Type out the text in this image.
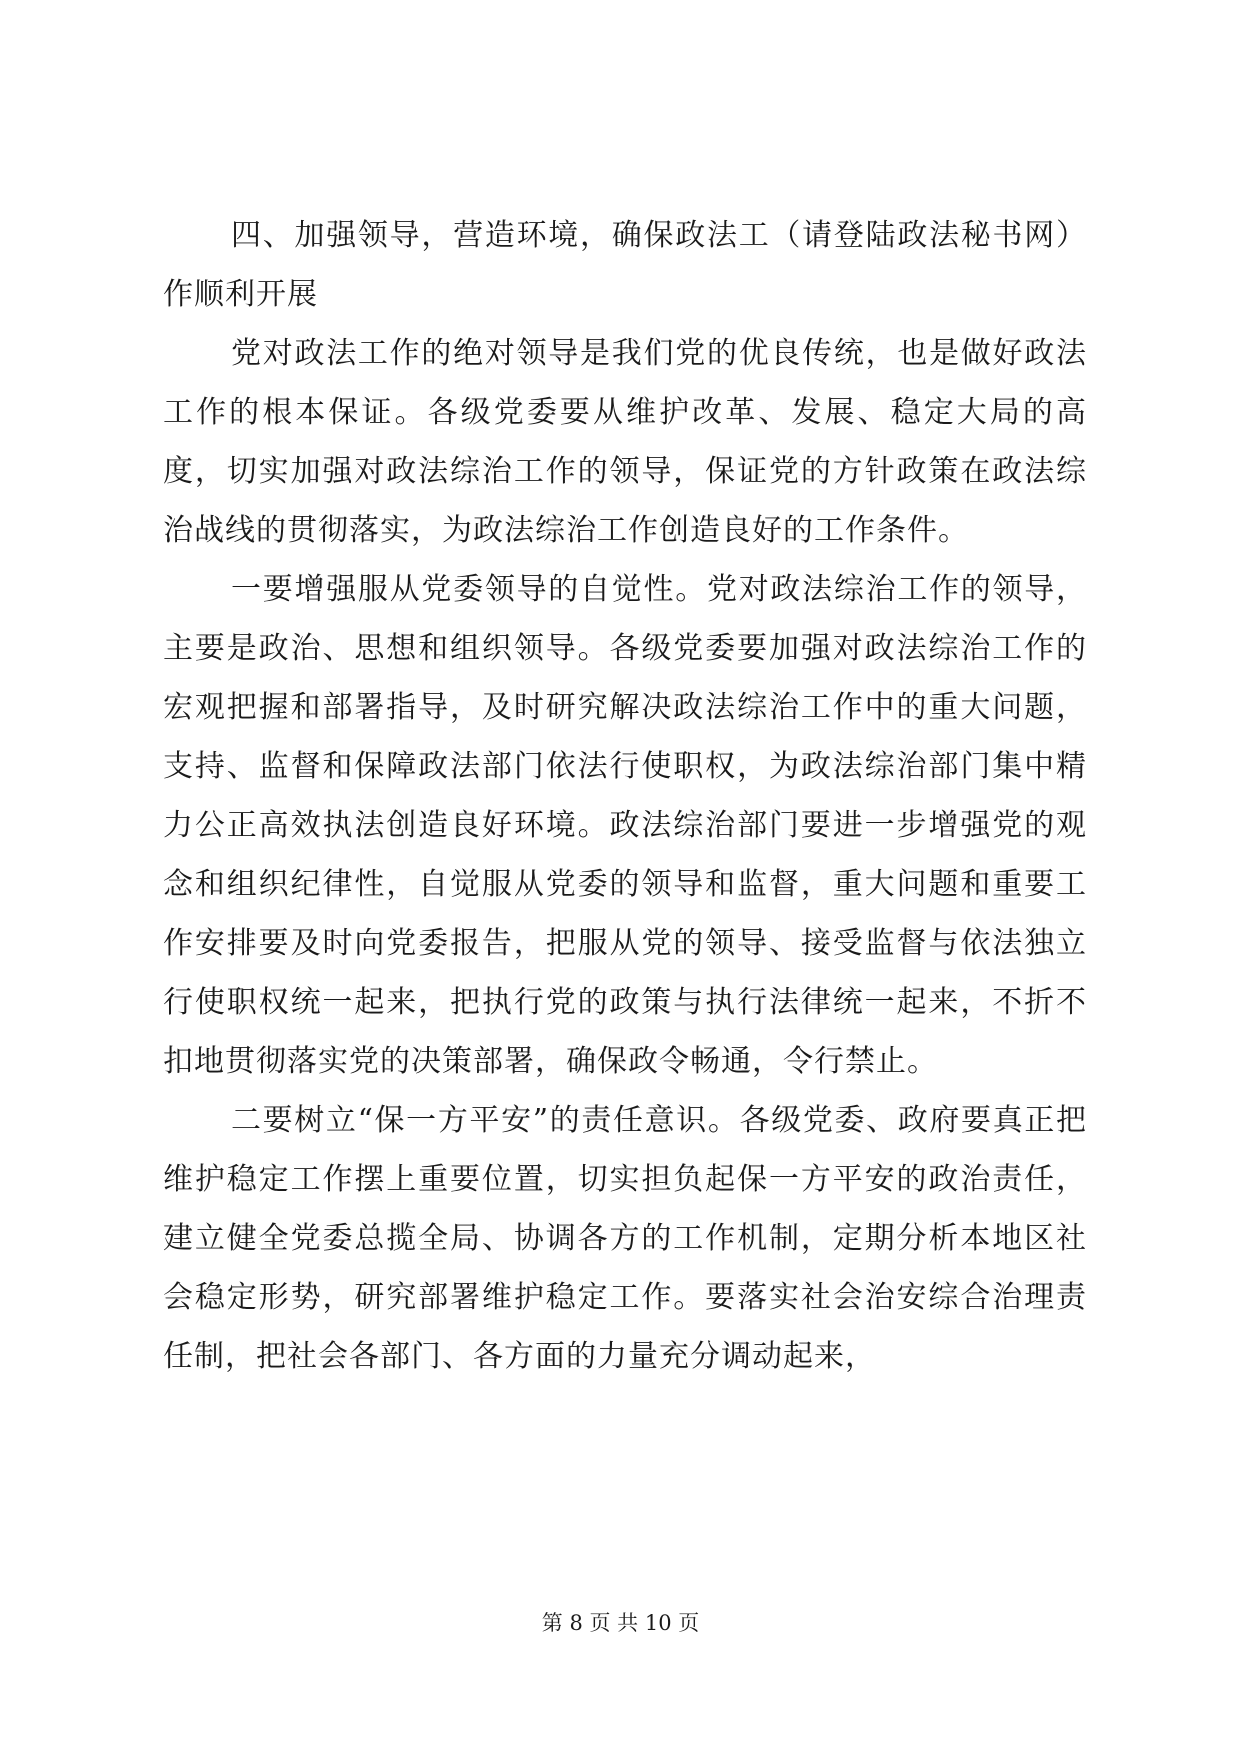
四、加强领导，营造环境，确保政法工（请登陆政法秘书网）作顺利开展

党对政法工作的绝对领导是我们党的优良传统，也是做好政法工作的根本保证。各级党委要从维护改革、发展、稳定大局的高度，切实加强对政法综治工作的领导，保证党的方针政策在政法综治战线的贯彻落实，为政法综治工作创造良好的工作条件。

一要增强服从党委领导的自觉性。党对政法综治工作的领导，主要是政治、思想和组织领导。各级党委要加强对政法综治工作的宏观把握和部署指导，及时研究解决政法综治工作中的重大问题，支持、监督和保障政法部门依法行使职权，为政法综治部门集中精力公正高效执法创造良好环境。政法综治部门要进一步增强党的观念和组织纪律性，自觉服从党委的领导和监督，重大问题和重要工作安排要及时向党委报告，把服从党的领导、接受监督与依法独立行使职权统一起来，把执行党的政策与执行法律统一起来，不折不扣地贯彻落实党的决策部署，确保政令畅通，令行禁止。

二要树立“保一方平安”的责任意识。各级党委、政府要真正把维护稳定工作摆上重要位置，切实担负起保一方平安的政治责任，建立健全党委总揽全局、协调各方的工作机制，定期分析本地区社会稳定形势，研究部署维护稳定工作。要落实社会治安综合治理责任制，把社会各部门、各方面的力量充分调动起来，

第 8 页 共 10 页
